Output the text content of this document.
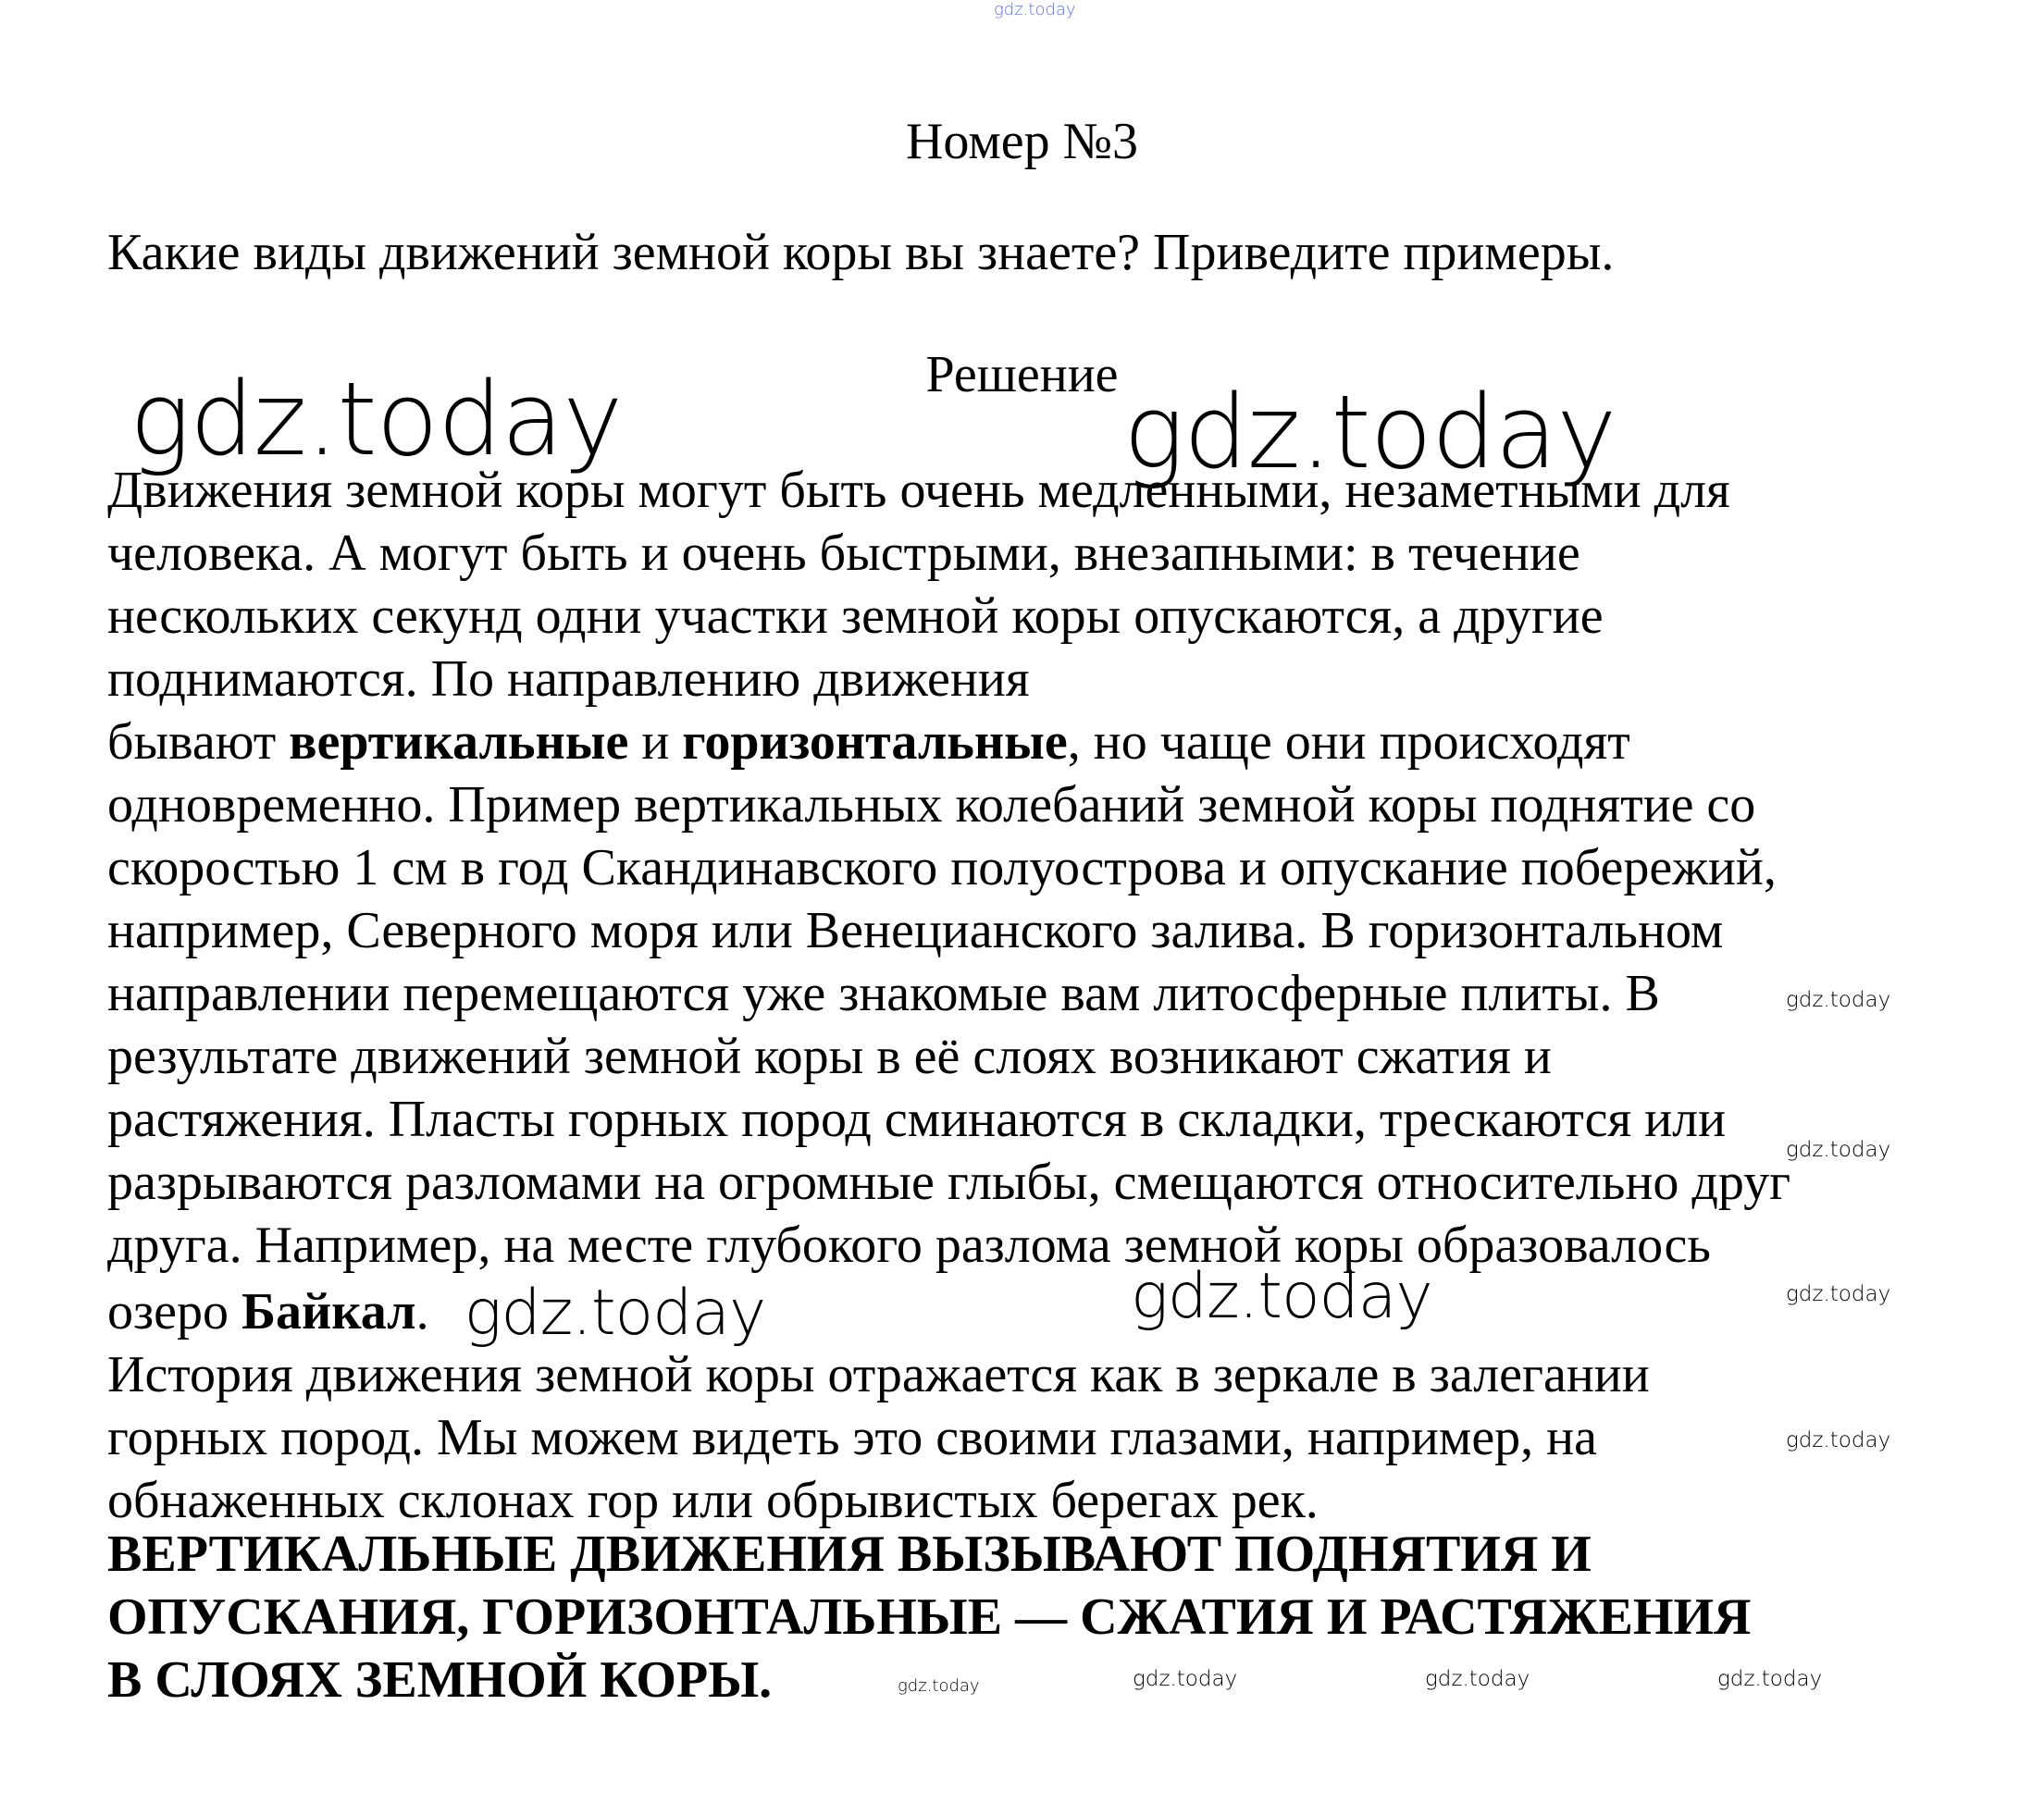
gdz.today
gdz.today	gdz.today
gdz.today
gdz.today
gdz.today
gdz.today
gdz.today
gdz.today	gdz.today	gdz.today	gdz.today
Номер №3
Какие виды движений земной коры вы знаете? Приведите примеры.
Решение
Движения земной коры могут быть очень медленными, незаметными для
человека. А могут быть и очень быстрыми, внезапными: в течение
нескольких секунд одни участки земной коры опускаются, а другие
поднимаются. По направлению движения
бывают вертикальные и горизонтальные, но чаще они происходят
одновременно. Пример вертикальных колебаний земной коры поднятие со
скоростью 1 см в год Скандинавского полуострова и опускание побережий,
например, Северного моря или Венецианского залива. В горизонтальном
направлении перемещаются уже знакомые вам литосферные плиты. В
результате движений земной коры в её слоях возникают сжатия и
растяжения. Пласты горных пород сминаются в складки, трескаются или
разрываются разломами на огромные глыбы, смещаются относительно друг
друга. Например, на месте глубокого разлома земной коры образовалось
озеро Байкал. gdz.today
История движения земной коры отражается как в зеркале в залегании
горных пород. Мы можем видеть это своими глазами, например, на
обнаженных склонах гор или обрывистых берегах рек.
ВЕРТИКАЛЬНЫЕ ДВИЖЕНИЯ ВЫЗЫВАЮТ ПОДНЯТИЯ И
ОПУСКАНИЯ, ГОРИЗОНТАЛЬНЫЕ — СЖАТИЯ И РАСТЯЖЕНИЯ
В СЛОЯХ ЗЕМНОЙ КОРЫ.
